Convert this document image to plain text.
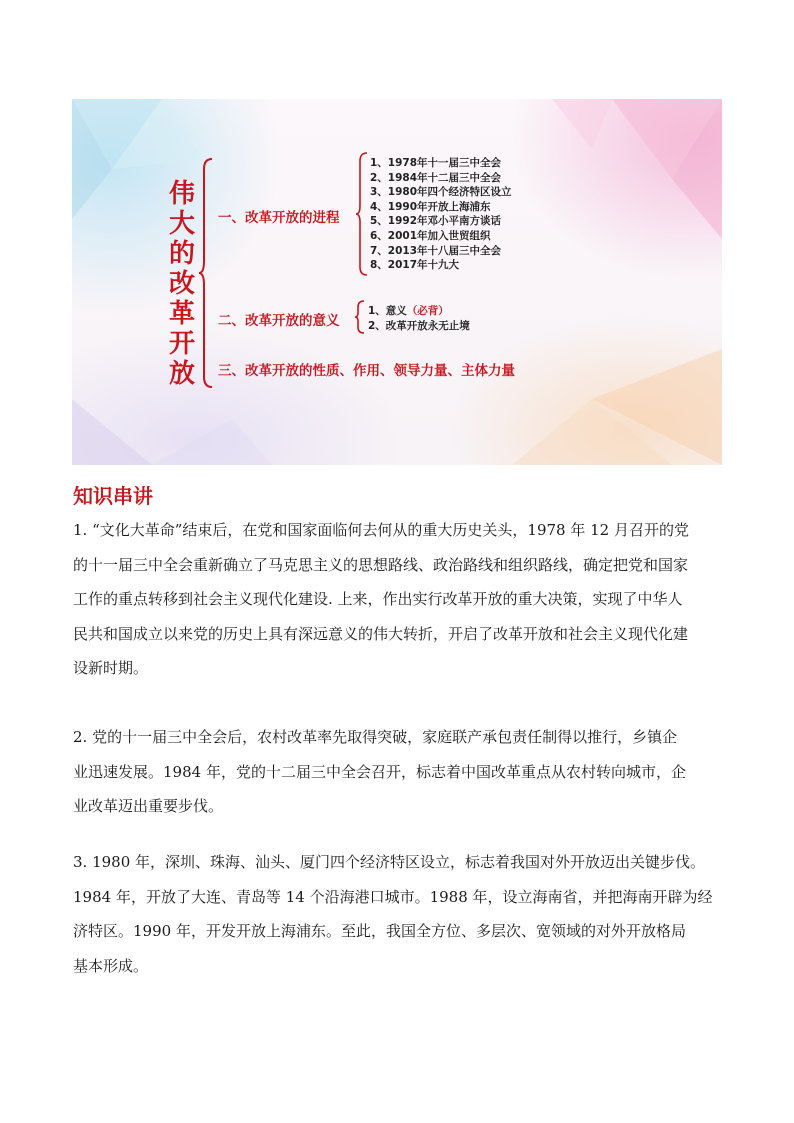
伟大的改革开放
一、改革开放的进程
1、1978年十一届三中全会
2、1984年十二届三中全会
3、1980年四个经济特区设立
4、1990年开放上海浦东
5、1992年邓小平南方谈话
6、2001年加入世贸组织
7、2013年十八届三中全会
8、2017年十九大
二、改革开放的意义
1、意义（必背）
2、改革开放永无止境
三、改革开放的性质、作用、领导力量、主体力量
知识串讲
1. “文化大革命”结束后，在党和国家面临何去何从的重大历史关头，1978 年 12 月召开的党
的十一届三中全会重新确立了马克思主义的思想路线、政治路线和组织路线，确定把党和国家
工作的重点转移到社会主义现代化建设. 上来，作出实行改革开放的重大决策，实现了中华人
民共和国成立以来党的历史上具有深远意义的伟大转折，开启了改革开放和社会主义现代化建
设新时期。
2. 党的十一届三中全会后，农村改革率先取得突破，家庭联产承包责任制得以推行，乡镇企
业迅速发展。1984 年，党的十二届三中全会召开，标志着中国改革重点从农村转向城市，企
业改革迈出重要步伐。
3. 1980 年，深圳、珠海、汕头、厦门四个经济特区设立，标志着我国对外开放迈出关键步伐。
1984 年，开放了大连、青岛等 14 个沿海港口城市。1988 年，设立海南省，并把海南开辟为经
济特区。1990 年，开发开放上海浦东。至此，我国全方位、多层次、宽领域的对外开放格局
基本形成。
